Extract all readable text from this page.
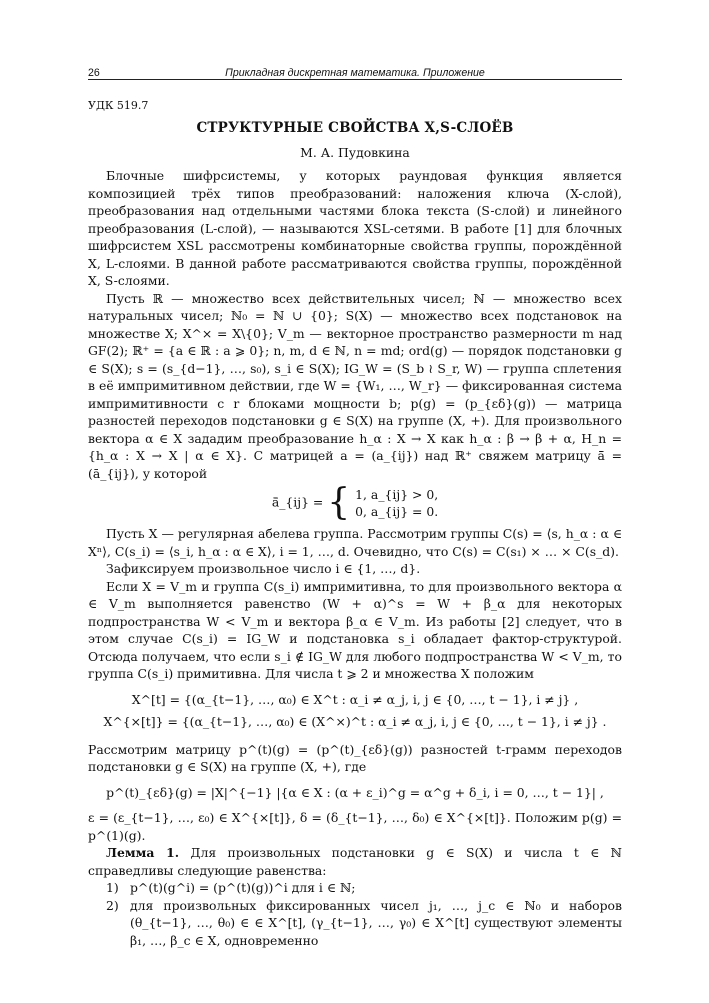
26	Прикладная дискретная математика. Приложение
УДК 519.7
СТРУКТУРНЫЕ СВОЙСТВА X,S-СЛОЁВ
М. А. Пудовкина

Блочные шифрсистемы, у которых раундовая функция является композицией трёх типов преобразований: наложения ключа (X-слой), преобразования над отдельными частями блока текста (S-слой) и линейного преобразования (L-слой), — называются XSL-сетями. В работе [1] для блочных шифрсистем XSL рассмотрены комбинаторные свойства группы, порождённой X, L-слоями. В данной работе рассматриваются свойства группы, порождённой X, S-слоями.

Пусть ℝ — множество всех действительных чисел; ℕ — множество всех натуральных чисел; ℕ₀ = ℕ ∪ {0}; S(X) — множество всех подстановок на множестве X; X^× = X\{0}; V_m — векторное пространство размерности m над GF(2); ℝ⁺ = {a ∈ ℝ : a ⩾ 0}; n, m, d ∈ ℕ, n = md; ord(g) — порядок подстановки g ∈ S(X); s = (s_{d−1}, …, s₀), s_i ∈ S(X); IG_W = (S_b ≀ S_r, W) — группа сплетения в её импримитивном действии, где W = {W₁, …, W_r} — фиксированная система импримитивности с r блоками мощности b; p(g) = (p_{εδ}(g)) — матрица разностей переходов подстановки g ∈ S(X) на группе (X, +). Для произвольного вектора α ∈ X зададим преобразование h_α : X → X как h_α : β → β + α, H_n = {h_α : X → X | α ∈ X}. С матрицей a = (a_{ij}) над ℝ⁺ свяжем матрицу ā̄ = (ā_{ij}), у которой

ā̄_{ij} = { 1, a_{ij} > 0,
0, a_{ij} = 0.

Пусть X — регулярная абелева группа. Рассмотрим группы C(s) = ⟨s, h_α : α ∈ Xⁿ⟩, C(s_i) = ⟨s_i, h_α : α ∈ X⟩, i = 1, …, d. Очевидно, что C(s) = C(s₁) × … × C(s_d).

Зафиксируем произвольное число i ∈ {1, …, d}.

Если X = V_m и группа C(s_i) импримитивна, то для произвольного вектора α ∈ V_m выполняется равенство (W + α)^s = W + β_α для некоторых подпространства W < V_m и вектора β_α ∈ V_m. Из работы [2] следует, что в этом случае C(s_i) = IG_W и подстановка s_i обладает фактор-структурой. Отсюда получаем, что если s_i ∉ IG_W для любого подпространства W < V_m, то группа C(s_i) примитивна. Для числа t ⩾ 2 и множества X положим

X^[t] = {(α_{t−1}, …, α₀) ∈ X^t : α_i ≠ α_j, i, j ∈ {0, …, t − 1}, i ≠ j} ,
X^{×[t]} = {(α_{t−1}, …, α₀) ∈ (X^×)^t : α_i ≠ α_j, i, j ∈ {0, …, t − 1}, i ≠ j} .

Рассмотрим матрицу p^(t)(g) = (p^(t)_{εδ}(g)) разностей t-грамм переходов подстановки g ∈ S(X) на группе (X, +), где

p^(t)_{εδ}(g) = |X|^{−1} |{α ∈ X : (α + ε_i)^g = α^g + δ_i, i = 0, …, t − 1}| ,

ε = (ε_{t−1}, …, ε₀) ∈ X^{×[t]}, δ = (δ_{t−1}, …, δ₀) ∈ X^{×[t]}. Положим p(g) = p^(1)(g).

Лемма 1. Для произвольных подстановки g ∈ S(X) и числа t ∈ ℕ справедливы следующие равенства:

1) p^(t)(g^i) = (p^(t)(g))^i для i ∈ ℕ;
2) для произвольных фиксированных чисел j₁, …, j_c ∈ ℕ₀ и наборов (θ_{t−1}, …, θ₀) ∈ ∈ X^[t], (γ_{t−1}, …, γ₀) ∈ X^[t] существуют элементы β₁, …, β_c ∈ X, одновременно
